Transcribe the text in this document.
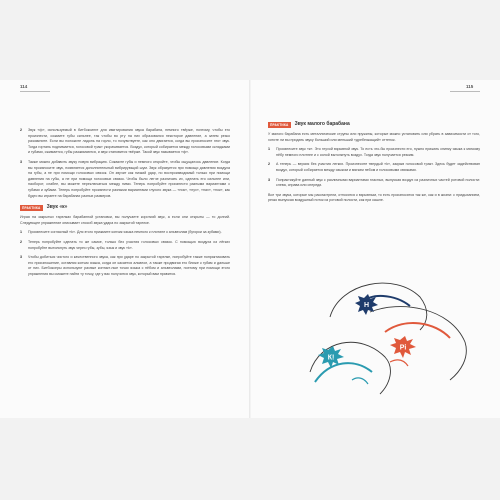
114	115
2	Звук «ф», используемый в битбоксинге для имитирования звука барабана, немного твёрже, поэтому, чтобы его произнести, сожмите губы сильнее, так чтобы во рту на них образовался некоторое давление, а затем резко разомкните. Если вы положите ладонь на горло, то почувствуете, как оно двигается, когда вы произносите этот звук. Тогда гортань поднимается, голосовой тракт укорачивается. Воздух, который собирается между голосовыми складками и губами, сжимается, губы разжимаются, и звук становится твёрже. Такой звук называется «ф».
3	Также можно добавить звуку новую вибрацию. Сожмите губы и немного откройте, чтобы ощущалось давление. Когда вы произносите звук, появляется дополнительный вибрирующий шум. Звук образуется при помощи давления воздуха на губы, а не при помощи голосовых связок. Он звучит как низкий удар, но воспроизводимый только при помощи давления на губы, а не при помощи голосовых связок. Чтобы было легче различать их, сделать его сильнее или, наоборот, слабее, вы можете переключаться между ними. Теперь попробуйте произнести разными вариантами с губами и зубами. Теперь попробуйте произнести разными вариантами глухого звука — «пок», «пух», «пах», «пок», как будто вы играете на барабанах разных размеров.
ПРАКТИКА	Звук «к»

Играя на закрытых тарелках барабанной установки, вы получаете короткий звук, а если они открыты — то долгий. Следующее упражнение описывает способ звука удара по закрытой тарелке.

1	Произнесите согласный «k». Для этого прижмите кончик языка немного к плотине к альвеолам (бугорки за зубами).
2	Теперь попробуйте сделать то же самое, только без участия голосовых связок. С помощью воздуха из лёгких попробуйте вытолкнуть звук через губы, зубы, язык и звук «k».
3	Чтобы добиться чистого и качественного звука, как при ударе по закрытой тарелке, попробуйте также попрактиковать его произношение, оставляя кончик языка, когда он касается альвеол, а также продвигая его ближе к губам и дальше от них. Битбоксеры используют разные контакт-ные точки языка с нёбом и альвеолами, поэтому при помощи этого упражнения вы сможете найти ту точку, где у вас получится звук, который вам нравится.
ПРАКТИКА	Звук малого барабана

У малого барабана есть металлические струны или пружины, которые можно установить или убрать в зависимости от того, хотите ли вы придать звуку больший или меньший «дребезжащий» оттенок.

1	Произнесите звук «к». Это глухой взрывной звук. То есть что-бы произнести его, нужно прижать спинку языка к мягкому нёбу немного плотнее и с силой вытолкнуть воздух. Тогда звук получается резким.
2	А теперь — версия без участия легких. Произнесите твердый «k», закрыв голосовой тракт. Здесь будет задействован воздух, который собирается между языком и мягким небом и голосовыми связками.
3	Попрактикуйте данный звук с различными вариантами гласных, выпуская воздух из различных частей ротовой полости: слева, справа или спереди.

Все три звука, которые мы рассмотрели, относятся к взрывным, то есть произносятся так же, как и в жизни: с придыханием, резко выпуская воздушный поток из ротовой полости, как при кашле.

Н
К!
Pi
